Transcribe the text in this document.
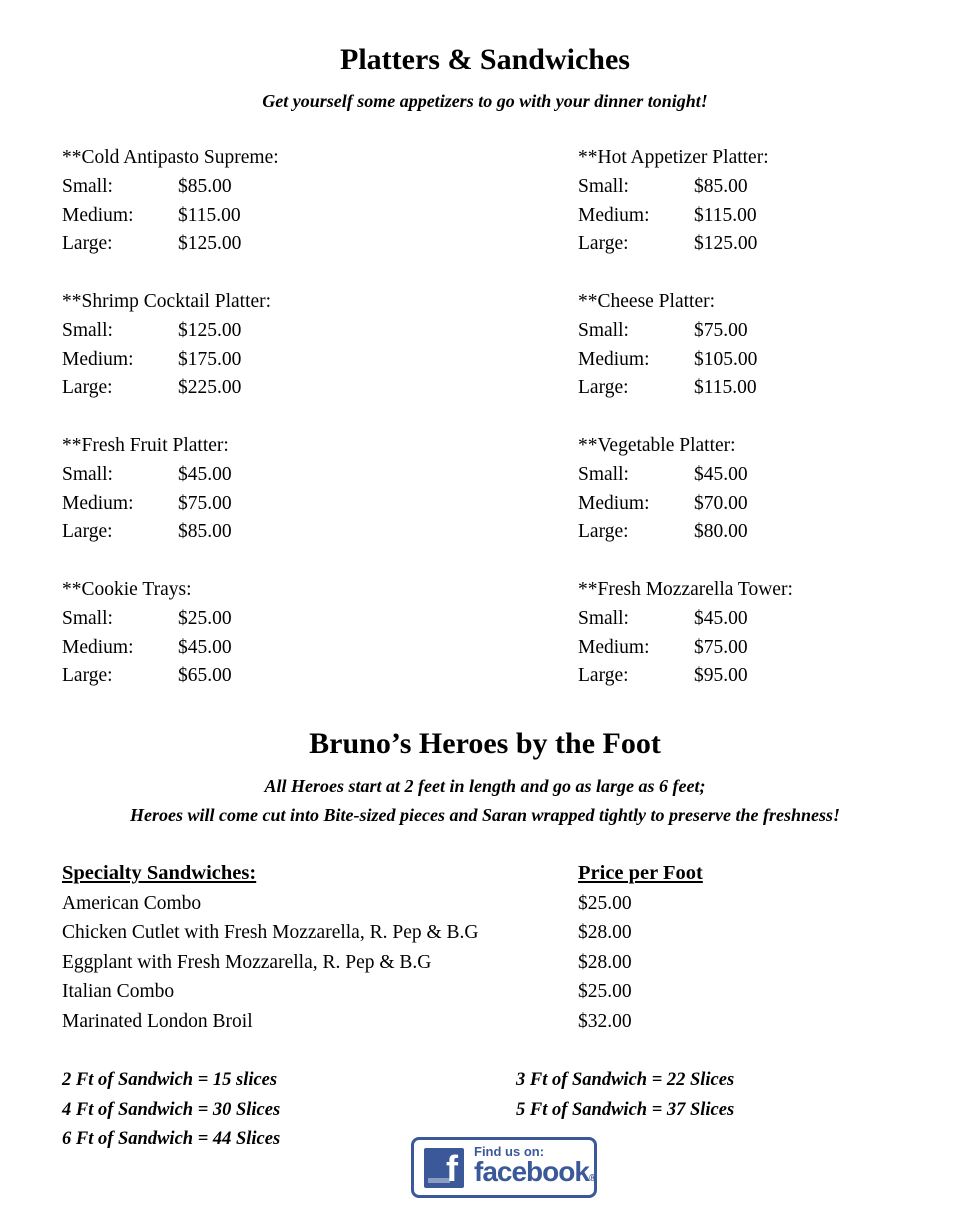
Platters & Sandwiches
Get yourself some appetizers to go with your dinner tonight!
**Cold Antipasto Supreme:
Small:	$85.00
Medium:	$115.00
Large:	$125.00
**Hot Appetizer Platter:
Small:	$85.00
Medium:	$115.00
Large:	$125.00
**Shrimp Cocktail Platter:
Small:	$125.00
Medium:	$175.00
Large:	$225.00
**Cheese Platter:
Small:	$75.00
Medium:	$105.00
Large:	$115.00
**Fresh Fruit Platter:
Small:	$45.00
Medium:	$75.00
Large:	$85.00
**Vegetable Platter:
Small:	$45.00
Medium:	$70.00
Large:	$80.00
**Cookie Trays:
Small:	$25.00
Medium:	$45.00
Large:	$65.00
**Fresh Mozzarella Tower:
Small:	$45.00
Medium:	$75.00
Large:	$95.00
Bruno’s Heroes by the Foot
All Heroes start at 2 feet in length and go as large as 6 feet;
Heroes will come cut into Bite-sized pieces and Saran wrapped tightly to preserve the freshness!
Specialty Sandwiches:	Price per Foot
American Combo	$25.00
Chicken Cutlet with Fresh Mozzarella, R. Pep & B.G	$28.00
Eggplant with Fresh Mozzarella, R. Pep & B.G	$28.00
Italian Combo	$25.00
Marinated London Broil	$32.00
2 Ft of Sandwich = 15 slices
4 Ft of Sandwich = 30 Slices
6 Ft of Sandwich = 44 Slices
3 Ft of Sandwich = 22 Slices
5 Ft of Sandwich = 37 Slices
f Find us on:
facebook®
